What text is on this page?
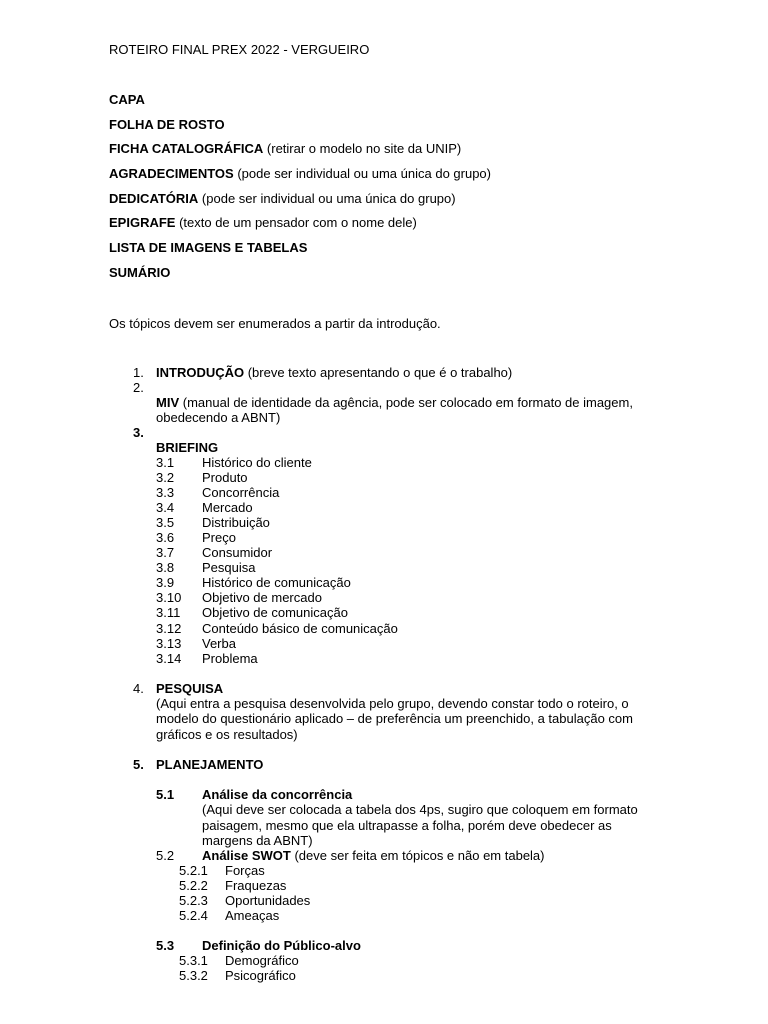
ROTEIRO FINAL PREX 2022 - VERGUEIRO
CAPA
FOLHA DE ROSTO
FICHA CATALOGRÁFICA (retirar o modelo no site da UNIP)
AGRADECIMENTOS (pode ser individual ou uma única do grupo)
DEDICATÓRIA (pode ser individual ou uma única do grupo)
EPIGRAFE (texto de um pensador com o nome dele)
LISTA DE IMAGENS E TABELAS
SUMÁRIO
Os tópicos devem ser enumerados a partir da introdução.
1. INTRODUÇÃO (breve texto apresentando o que é o trabalho)
2.
MIV (manual de identidade da agência, pode ser colocado em formato de imagem,
obedecendo a ABNT)
3.
BRIEFING
3.1 Histórico do cliente
3.2 Produto
3.3 Concorrência
3.4 Mercado
3.5 Distribuição
3.6 Preço
3.7 Consumidor
3.8 Pesquisa
3.9 Histórico de comunicação
3.10 Objetivo de mercado
3.11 Objetivo de comunicação
3.12 Conteúdo básico de comunicação
3.13 Verba
3.14 Problema
4. PESQUISA
(Aqui entra a pesquisa desenvolvida pelo grupo, devendo constar todo o roteiro, o
modelo do questionário aplicado – de preferência um preenchido, a tabulação com
gráficos e os resultados)
5. PLANEJAMENTO
5.1 Análise da concorrência
(Aqui deve ser colocada a tabela dos 4ps, sugiro que coloquem em formato
paisagem, mesmo que ela ultrapasse a folha, porém deve obedecer as
margens da ABNT)
5.2 Análise SWOT (deve ser feita em tópicos e não em tabela)
5.2.1 Forças
5.2.2 Fraquezas
5.2.3 Oportunidades
5.2.4 Ameaças
5.3 Definição do Público-alvo
5.3.1 Demográfico
5.3.2 Psicográfico
